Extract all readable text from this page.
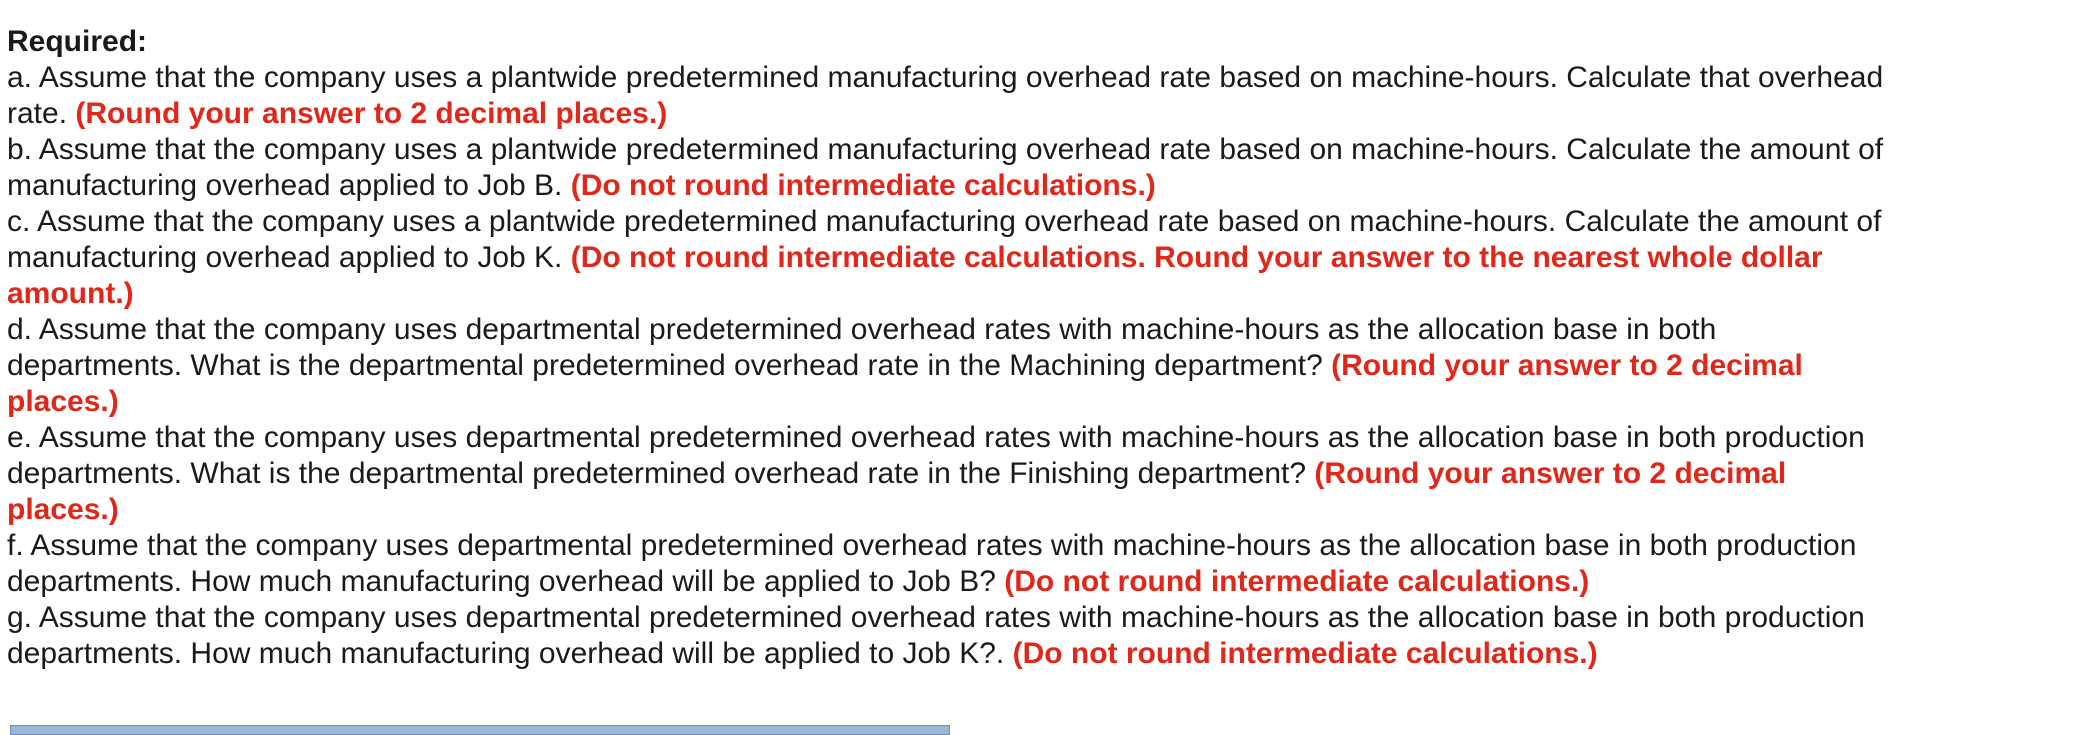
Required:
a. Assume that the company uses a plantwide predetermined manufacturing overhead rate based on machine-hours. Calculate that overhead rate. (Round your answer to 2 decimal places.)
b. Assume that the company uses a plantwide predetermined manufacturing overhead rate based on machine-hours. Calculate the amount of manufacturing overhead applied to Job B. (Do not round intermediate calculations.)
c. Assume that the company uses a plantwide predetermined manufacturing overhead rate based on machine-hours. Calculate the amount of manufacturing overhead applied to Job K. (Do not round intermediate calculations. Round your answer to the nearest whole dollar amount.)
d. Assume that the company uses departmental predetermined overhead rates with machine-hours as the allocation base in both departments. What is the departmental predetermined overhead rate in the Machining department? (Round your answer to 2 decimal places.)
e. Assume that the company uses departmental predetermined overhead rates with machine-hours as the allocation base in both production departments. What is the departmental predetermined overhead rate in the Finishing department? (Round your answer to 2 decimal places.)
f. Assume that the company uses departmental predetermined overhead rates with machine-hours as the allocation base in both production departments. How much manufacturing overhead will be applied to Job B? (Do not round intermediate calculations.)
g. Assume that the company uses departmental predetermined overhead rates with machine-hours as the allocation base in both production departments. How much manufacturing overhead will be applied to Job K?. (Do not round intermediate calculations.)
